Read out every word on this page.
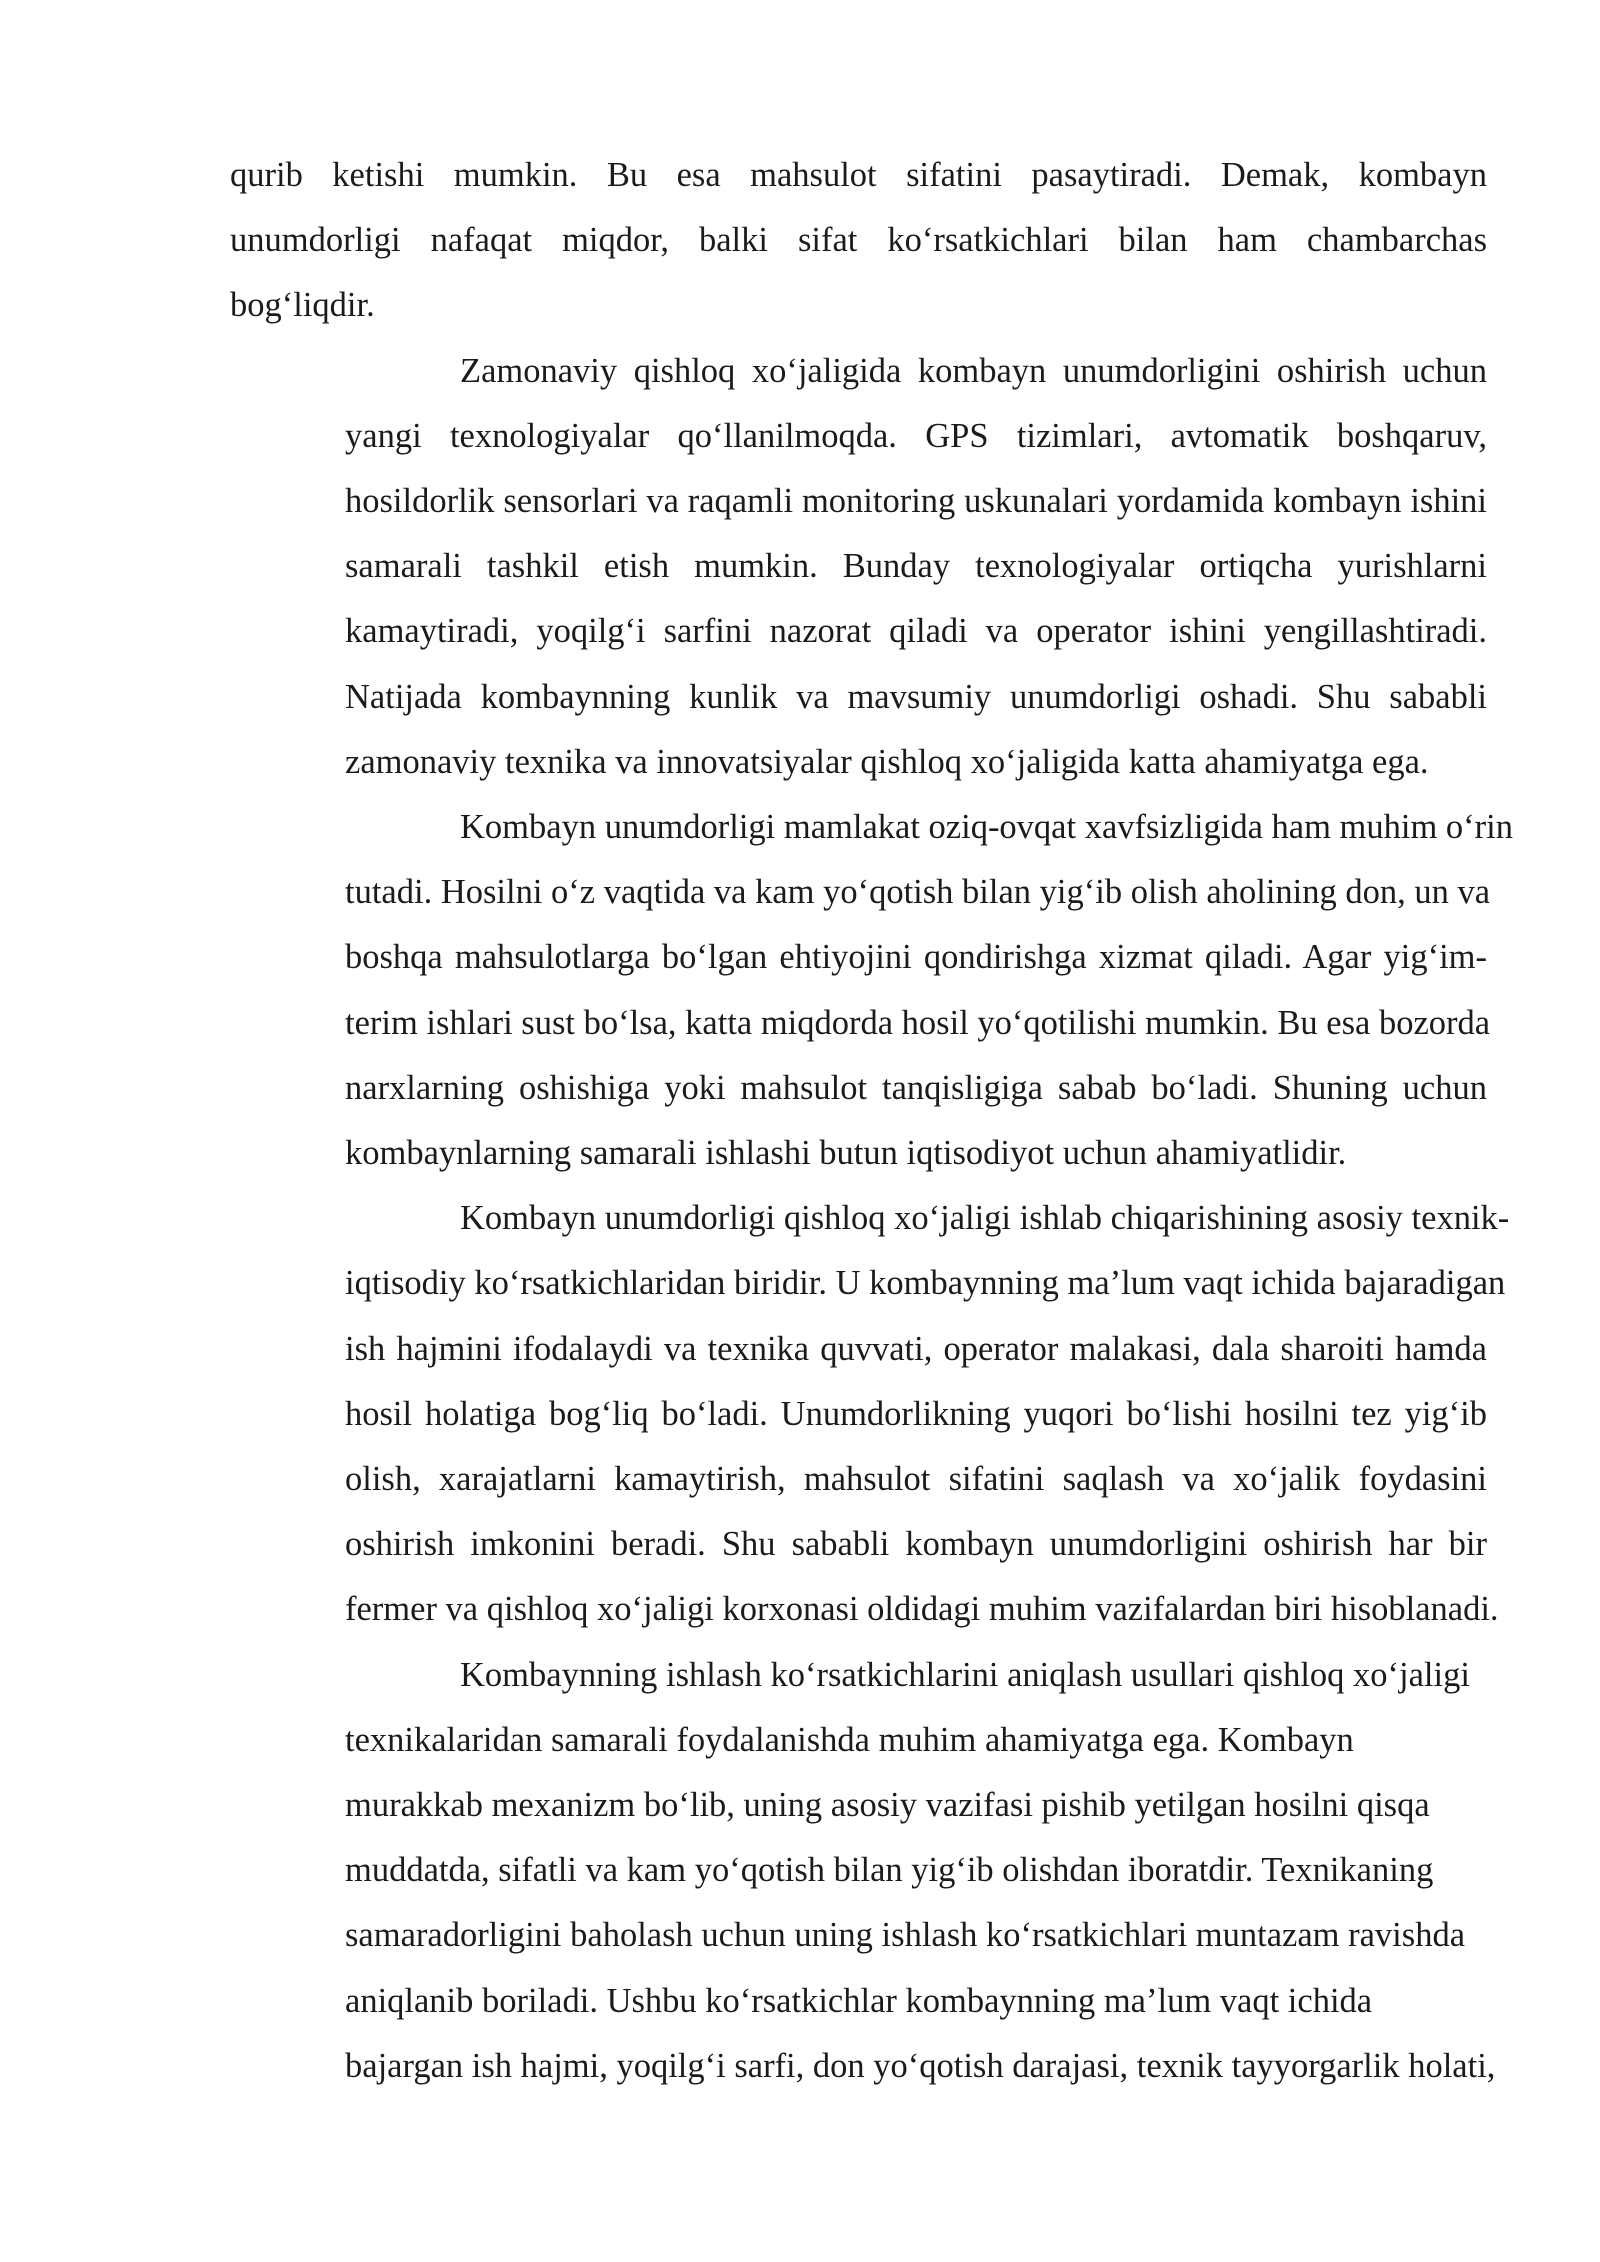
qurib ketishi mumkin. Bu esa mahsulot sifatini pasaytiradi. Demak, kombayn
unumdorligi nafaqat miqdor, balki sifat ko‘rsatkichlari bilan ham chambarchas
bog‘liqdir.
Zamonaviy qishloq xo‘jaligida kombayn unumdorligini oshirish uchun
yangi texnologiyalar qo‘llanilmoqda. GPS tizimlari, avtomatik boshqaruv,
hosildorlik sensorlari va raqamli monitoring uskunalari yordamida kombayn ishini
samarali tashkil etish mumkin. Bunday texnologiyalar ortiqcha yurishlarni
kamaytiradi, yoqilg‘i sarfini nazorat qiladi va operator ishini yengillashtiradi.
Natijada kombaynning kunlik va mavsumiy unumdorligi oshadi. Shu sababli
zamonaviy texnika va innovatsiyalar qishloq xo‘jaligida katta ahamiyatga ega.
Kombayn unumdorligi mamlakat oziq-ovqat xavfsizligida ham muhim o‘rin
tutadi. Hosilni o‘z vaqtida va kam yo‘qotish bilan yig‘ib olish aholining don, un va
boshqa mahsulotlarga bo‘lgan ehtiyojini qondirishga xizmat qiladi. Agar yig‘im-
terim ishlari sust bo‘lsa, katta miqdorda hosil yo‘qotilishi mumkin. Bu esa bozorda
narxlarning oshishiga yoki mahsulot tanqisligiga sabab bo‘ladi. Shuning uchun
kombaynlarning samarali ishlashi butun iqtisodiyot uchun ahamiyatlidir.
Kombayn unumdorligi qishloq xo‘jaligi ishlab chiqarishining asosiy texnik-
iqtisodiy ko‘rsatkichlaridan biridir. U kombaynning ma’lum vaqt ichida bajaradigan
ish hajmini ifodalaydi va texnika quvvati, operator malakasi, dala sharoiti hamda
hosil holatiga bog‘liq bo‘ladi. Unumdorlikning yuqori bo‘lishi hosilni tez yig‘ib
olish, xarajatlarni kamaytirish, mahsulot sifatini saqlash va xo‘jalik foydasini
oshirish imkonini beradi. Shu sababli kombayn unumdorligini oshirish har bir
fermer va qishloq xo‘jaligi korxonasi oldidagi muhim vazifalardan biri hisoblanadi.
Kombaynning ishlash ko‘rsatkichlarini aniqlash usullari qishloq xo‘jaligi
texnikalaridan samarali foydalanishda muhim ahamiyatga ega. Kombayn
murakkab mexanizm bo‘lib, uning asosiy vazifasi pishib yetilgan hosilni qisqa
muddatda, sifatli va kam yo‘qotish bilan yig‘ib olishdan iboratdir. Texnikaning
samaradorligini baholash uchun uning ishlash ko‘rsatkichlari muntazam ravishda
aniqlanib boriladi. Ushbu ko‘rsatkichlar kombaynning ma’lum vaqt ichida
bajargan ish hajmi, yoqilg‘i sarfi, don yo‘qotish darajasi, texnik tayyorgarlik holati,
